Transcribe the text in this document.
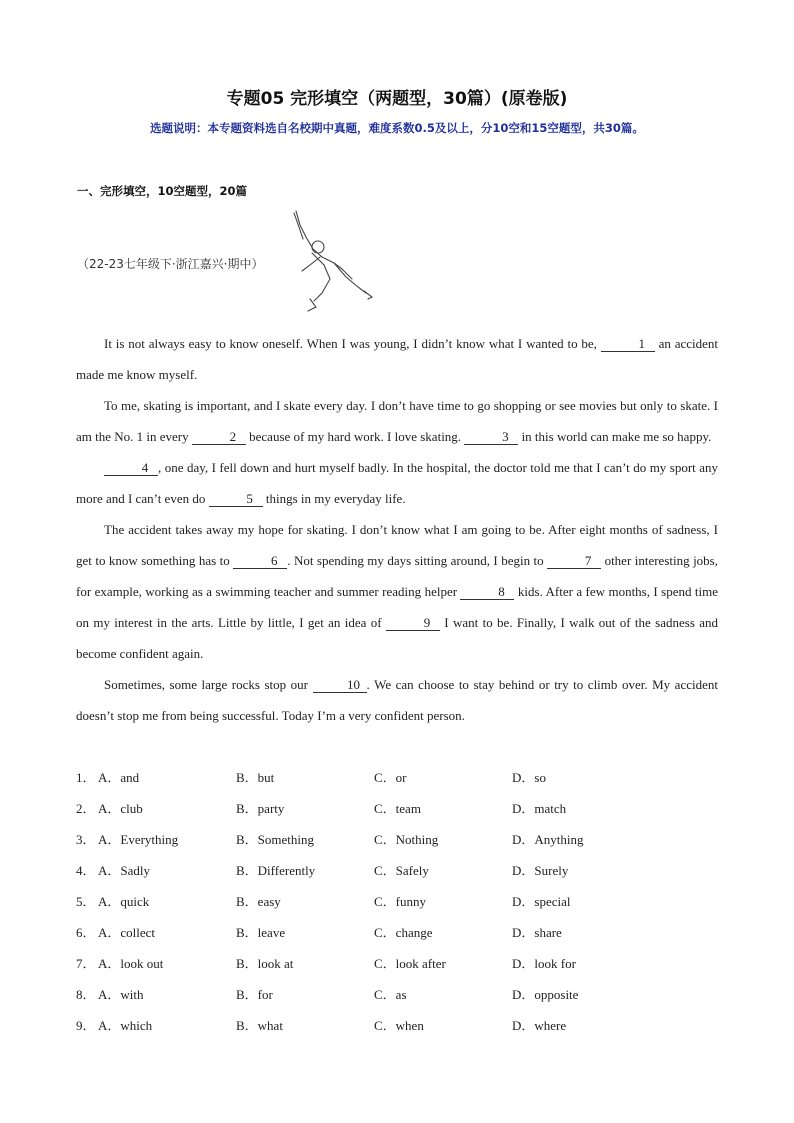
专题05 完形填空（两题型，30篇）(原卷版)
选题说明：本专题资料选自名校期中真题，难度系数0.5及以上，分10空和15空题型，共30篇。
一、完形填空，10空题型，20篇
（22-23七年级下·浙江嘉兴·期中）

It is not always easy to know oneself. When I was young, I didn’t know what I wanted to be,	1 an accident made me know myself.

To me, skating is important, and I skate every day. I don’t have time to go shopping or see movies but only to skate. I am the No. 1 in every	2 because of my hard work. I love skating.	3 in this world can make me so happy.

4 , one day, I fell down and hurt myself badly. In the hospital, the doctor told me that I can’t do my sport any more and I can’t even do	5 things in my everyday life.

The accident takes away my hope for skating. I don’t know what I am going to be. After eight months of sadness, I get to know something has to	6 . Not spending my days sitting around, I begin to	7 other interesting jobs, for example, working as a swimming teacher and summer reading helper	8 kids. After a few months, I spend time on my interest in the arts. Little by little, I get an idea of	9 I want to be. Finally, I walk out of the sadness and become confident again.

Sometimes, some large rocks stop our	10 . We can choose to stay behind or try to climb over. My accident doesn’t stop me from being successful. Today I’m a very confident person.

1． A．and	B．but	C．or	D．so
2． A．club	B．party	C．team	D．match
3． A．Everything	B．Something	C．Nothing	D．Anything
4． A．Sadly	B．Differently	C．Safely	D．Surely
5． A．quick	B．easy	C．funny	D．special
6． A．collect	B．leave	C．change	D．share
7． A．look out	B．look at	C．look after	D．look for
8． A．with	B．for	C．as	D．opposite
9． A．which	B．what	C．when	D．where
